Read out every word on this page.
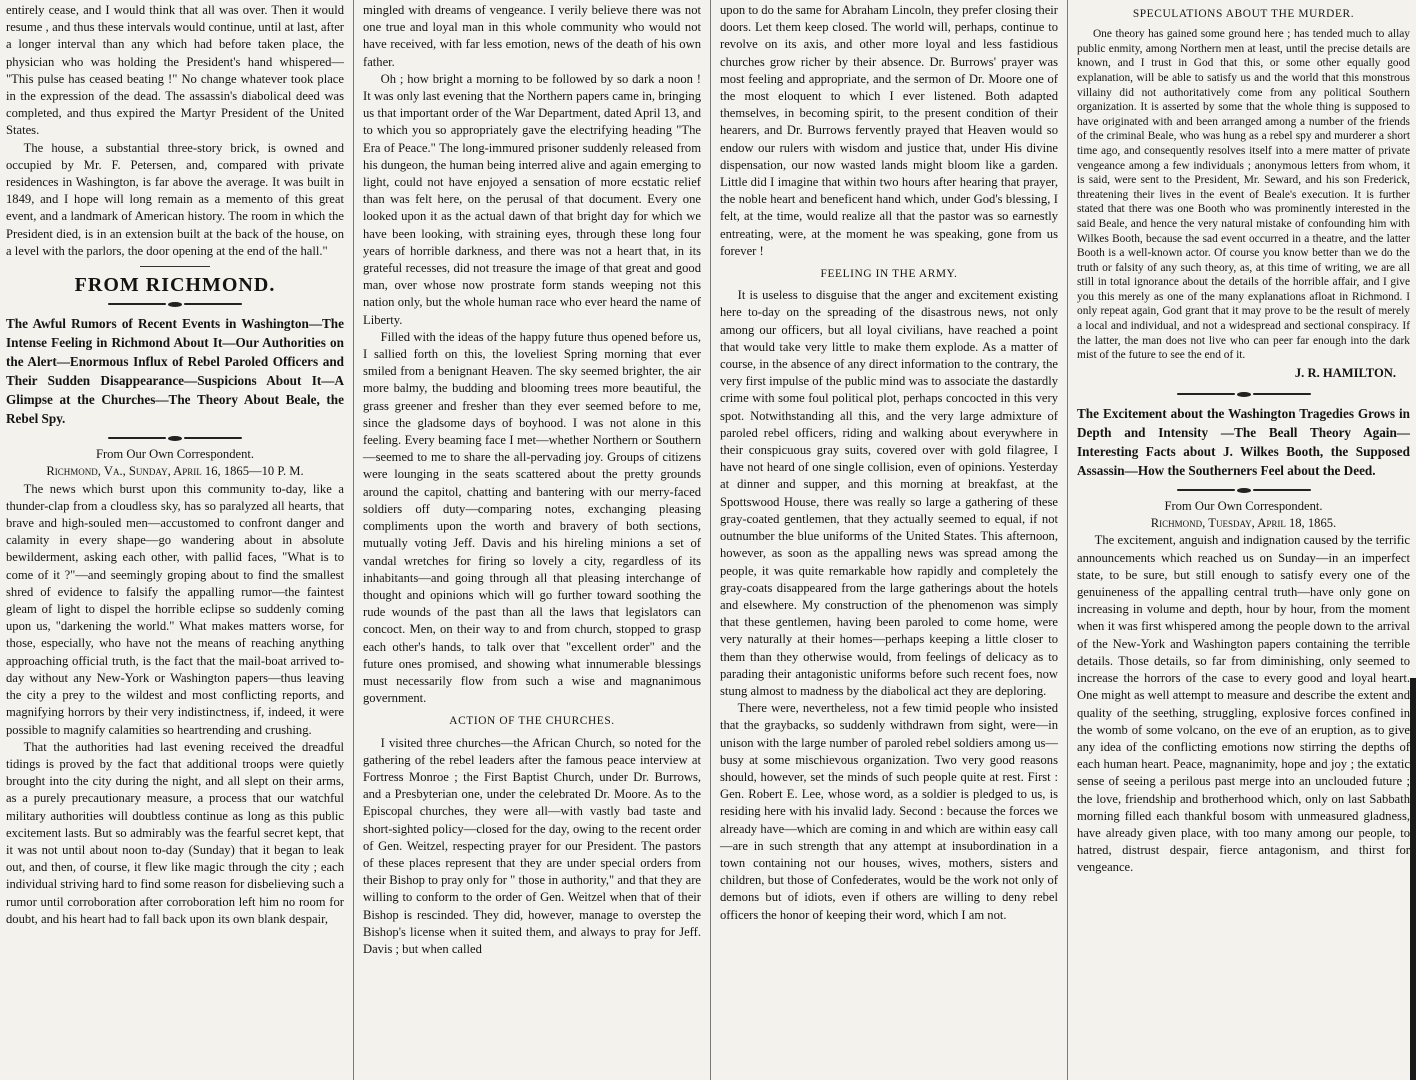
entirely cease, and I would think that all was over. Then it would resume , and thus these intervals would continue, until at last, after a longer interval than any which had before taken place, the physician who was holding the President's hand whispered— "This pulse has ceased beating !" No change whatever took place in the expression of the dead. The assassin's diabolical deed was completed, and thus expired the Martyr President of the United States.

The house, a substantial three-story brick, is owned and occupied by Mr. F. Petersen, and, compared with private residences in Washington, is far above the average. It was built in 1849, and I hope will long remain as a memento of this great event, and a landmark of American history. The room in which the President died, is in an extension built at the back of the house, on a level with the parlors, the door opening at the end of the hall."

FROM RICHMOND.
The Awful Rumors of Recent Events in Washington—The Intense Feeling in Richmond About It—Our Authorities on the Alert—Enormous Influx of Rebel Paroled Officers and Their Sudden Disappearance—Suspicions About It—A Glimpse at the Churches—The Theory About Beale, the Rebel Spy.
From Our Own Correspondent.
Richmond, Va., Sunday, April 16, 1865—10 P. M.

The news which burst upon this community to-day, like a thunder-clap from a cloudless sky, has so paralyzed all hearts, that brave and high-souled men—accustomed to confront danger and calamity in every shape—go wandering about in absolute bewilderment, asking each other, with pallid faces, "What is to come of it ?"—and seemingly groping about to find the smallest shred of evidence to falsify the appalling rumor—the faintest gleam of light to dispel the horrible eclipse so suddenly coming upon us, "darkening the world." What makes matters worse, for those, especially, who have not the means of reaching anything approaching official truth, is the fact that the mail-boat arrived to-day without any New-York or Washington papers—thus leaving the city a prey to the wildest and most conflicting reports, and magnifying horrors by their very indistinctness, if, indeed, it were possible to magnify calamities so heartrending and crushing.

That the authorities had last evening received the dreadful tidings is proved by the fact that additional troops were quietly brought into the city during the night, and all slept on their arms, as a purely precautionary measure, a process that our watchful military authorities will doubtless continue as long as this public excitement lasts. But so admirably was the fearful secret kept, that it was not until about noon to-day (Sunday) that it began to leak out, and then, of course, it flew like magic through the city ; each individual striving hard to find some reason for disbelieving such a rumor until corroboration after corroboration left him no room for doubt, and his heart had to fall back upon its own blank despair,

mingled with dreams of vengeance. I verily believe there was not one true and loyal man in this whole community who would not have received, with far less emotion, news of the death of his own father.

Oh ; how bright a morning to be followed by so dark a noon ! It was only last evening that the Northern papers came in, bringing us that important order of the War Department, dated April 13, and to which you so appropriately gave the electrifying heading "The Era of Peace." The long-immured prisoner suddenly released from his dungeon, the human being interred alive and again emerging to light, could not have enjoyed a sensation of more ecstatic relief than was felt here, on the perusal of that document. Every one looked upon it as the actual dawn of that bright day for which we have been looking, with straining eyes, through these long four years of horrible darkness, and there was not a heart that, in its grateful recesses, did not treasure the image of that great and good man, over whose now prostrate form stands weeping not this nation only, but the whole human race who ever heard the name of Liberty.

Filled with the ideas of the happy future thus opened before us, I sallied forth on this, the loveliest Spring morning that ever smiled from a benignant Heaven. The sky seemed brighter, the air more balmy, the budding and blooming trees more beautiful, the grass greener and fresher than they ever seemed before to me, since the gladsome days of boyhood. I was not alone in this feeling. Every beaming face I met—whether Northern or Southern —seemed to me to share the all-pervading joy. Groups of citizens were lounging in the seats scattered about the pretty grounds around the capitol, chatting and bantering with our merry-faced soldiers off duty—comparing notes, exchanging pleasing compliments upon the worth and bravery of both sections, mutually voting Jeff. Davis and his hireling minions a set of vandal wretches for firing so lovely a city, regardless of its inhabitants—and going through all that pleasing interchange of thought and opinions which will go further toward soothing the rude wounds of the past than all the laws that legislators can concoct. Men, on their way to and from church, stopped to grasp each other's hands, to talk over that "excellent order" and the future ones promised, and showing what innumerable blessings must necessarily flow from such a wise and magnanimous government.

ACTION OF THE CHURCHES.

I visited three churches—the African Church, so noted for the gathering of the rebel leaders after the famous peace interview at Fortress Monroe ; the First Baptist Church, under Dr. Burrows, and a Presbyterian one, under the celebrated Dr. Moore. As to the Episcopal churches, they were all—with vastly bad taste and short-sighted policy—closed for the day, owing to the recent order of Gen. Weitzel, respecting prayer for our President. The pastors of these places represent that they are under special orders from their Bishop to pray only for " those in authority," and that they are willing to conform to the order of Gen. Weitzel when that of their Bishop is rescinded. They did, however, manage to overstep the Bishop's license when it suited them, and always to pray for Jeff. Davis ; but when called

upon to do the same for Abraham Lincoln, they prefer closing their doors. Let them keep closed. The world will, perhaps, continue to revolve on its axis, and other more loyal and less fastidious churches grow richer by their absence. Dr. Burrows' prayer was most feeling and appropriate, and the sermon of Dr. Moore one of the most eloquent to which I ever listened. Both adapted themselves, in becoming spirit, to the present condition of their hearers, and Dr. Burrows fervently prayed that Heaven would so endow our rulers with wisdom and justice that, under His divine dispensation, our now wasted lands might bloom like a garden. Little did I imagine that within two hours after hearing that prayer, the noble heart and beneficent hand which, under God's blessing, I felt, at the time, would realize all that the pastor was so earnestly entreating, were, at the moment he was speaking, gone from us forever !

FEELING IN THE ARMY.

It is useless to disguise that the anger and excitement existing here to-day on the spreading of the disastrous news, not only among our officers, but all loyal civilians, have reached a point that would take very little to make them explode. As a matter of course, in the absence of any direct information to the contrary, the very first impulse of the public mind was to associate the dastardly crime with some foul political plot, perhaps concocted in this very spot. Notwithstanding all this, and the very large admixture of paroled rebel officers, riding and walking about everywhere in their conspicuous gray suits, covered over with gold filagree, I have not heard of one single collision, even of opinions. Yesterday at dinner and supper, and this morning at breakfast, at the Spottswood House, there was really so large a gathering of these gray-coated gentlemen, that they actually seemed to equal, if not outnumber the blue uniforms of the United States. This afternoon, however, as soon as the appalling news was spread among the people, it was quite remarkable how rapidly and completely the gray-coats disappeared from the large gatherings about the hotels and elsewhere. My construction of the phenomenon was simply that these gentlemen, having been paroled to come home, were very naturally at their homes—perhaps keeping a little closer to them than they otherwise would, from feelings of delicacy as to parading their antagonistic uniforms before such recent foes, now stung almost to madness by the diabolical act they are deploring.

There were, nevertheless, not a few timid people who insisted that the graybacks, so suddenly withdrawn from sight, were—in unison with the large number of paroled rebel soldiers among us—busy at some mischievous organization. Two very good reasons should, however, set the minds of such people quite at rest. First : Gen. Robert E. Lee, whose word, as a soldier is pledged to us, is residing here with his invalid lady. Second : because the forces we already have—which are coming in and which are within easy call—are in such strength that any attempt at insubordination in a town containing not our houses, wives, mothers, sisters and children, but those of Confederates, would be the work not only of demons but of idiots, even if others are willing to deny rebel officers the honor of keeping their word, which I am not.

SPECULATIONS ABOUT THE MURDER.

One theory has gained some ground here ; has tended much to allay public enmity, among Northern men at least, until the precise details are known, and I trust in God that this, or some other equally good explanation, will be able to satisfy us and the world that this monstrous villainy did not authoritatively come from any political Southern organization. It is asserted by some that the whole thing is supposed to have originated with and been arranged among a number of the friends of the criminal Beale, who was hung as a rebel spy and murderer a short time ago, and consequently resolves itself into a mere matter of private vengeance among a few individuals ; anonymous letters from whom, it is said, were sent to the President, Mr. Seward, and his son Frederick, threatening their lives in the event of Beale's execution. It is further stated that there was one Booth who was prominently interested in the said Beale, and hence the very natural mistake of confounding him with Wilkes Booth, because the sad event occurred in a theatre, and the latter Booth is a well-known actor. Of course you know better than we do the truth or falsity of any such theory, as, at this time of writing, we are all still in total ignorance about the details of the horrible affair, and I give you this merely as one of the many explanations afloat in Richmond. I only repeat again, God grant that it may prove to be the result of merely a local and individual, and not a widespread and sectional conspiracy. If the latter, the man does not live who can peer far enough into the dark mist of the future to see the end of it.

J. R. HAMILTON.
The Excitement about the Washington Tragedies Grows in Depth and Intensity —The Beall Theory Again—Interesting Facts about J. Wilkes Booth, the Supposed Assassin—How the Southerners Feel about the Deed.
From Our Own Correspondent.
Richmond, Tuesday, April 18, 1865.

The excitement, anguish and indignation caused by the terrific announcements which reached us on Sunday—in an imperfect state, to be sure, but still enough to satisfy every one of the genuineness of the appalling central truth—have only gone on increasing in volume and depth, hour by hour, from the moment when it was first whispered among the people down to the arrival of the New-York and Washington papers containing the terrible details. Those details, so far from diminishing, only seemed to increase the horrors of the case to every good and loyal heart. One might as well attempt to measure and describe the extent and quality of the seething, struggling, explosive forces confined in the womb of some volcano, on the eve of an eruption, as to give any idea of the conflicting emotions now stirring the depths of each human heart. Peace, magnanimity, hope and joy ; the extatic sense of seeing a perilous past merge into an unclouded future ; the love, friendship and brotherhood which, only on last Sabbath morning filled each thankful bosom with unmeasured gladness, have already given place, with too many among our people, to hatred, distrust despair, fierce antagonism, and thirst for vengeance.
